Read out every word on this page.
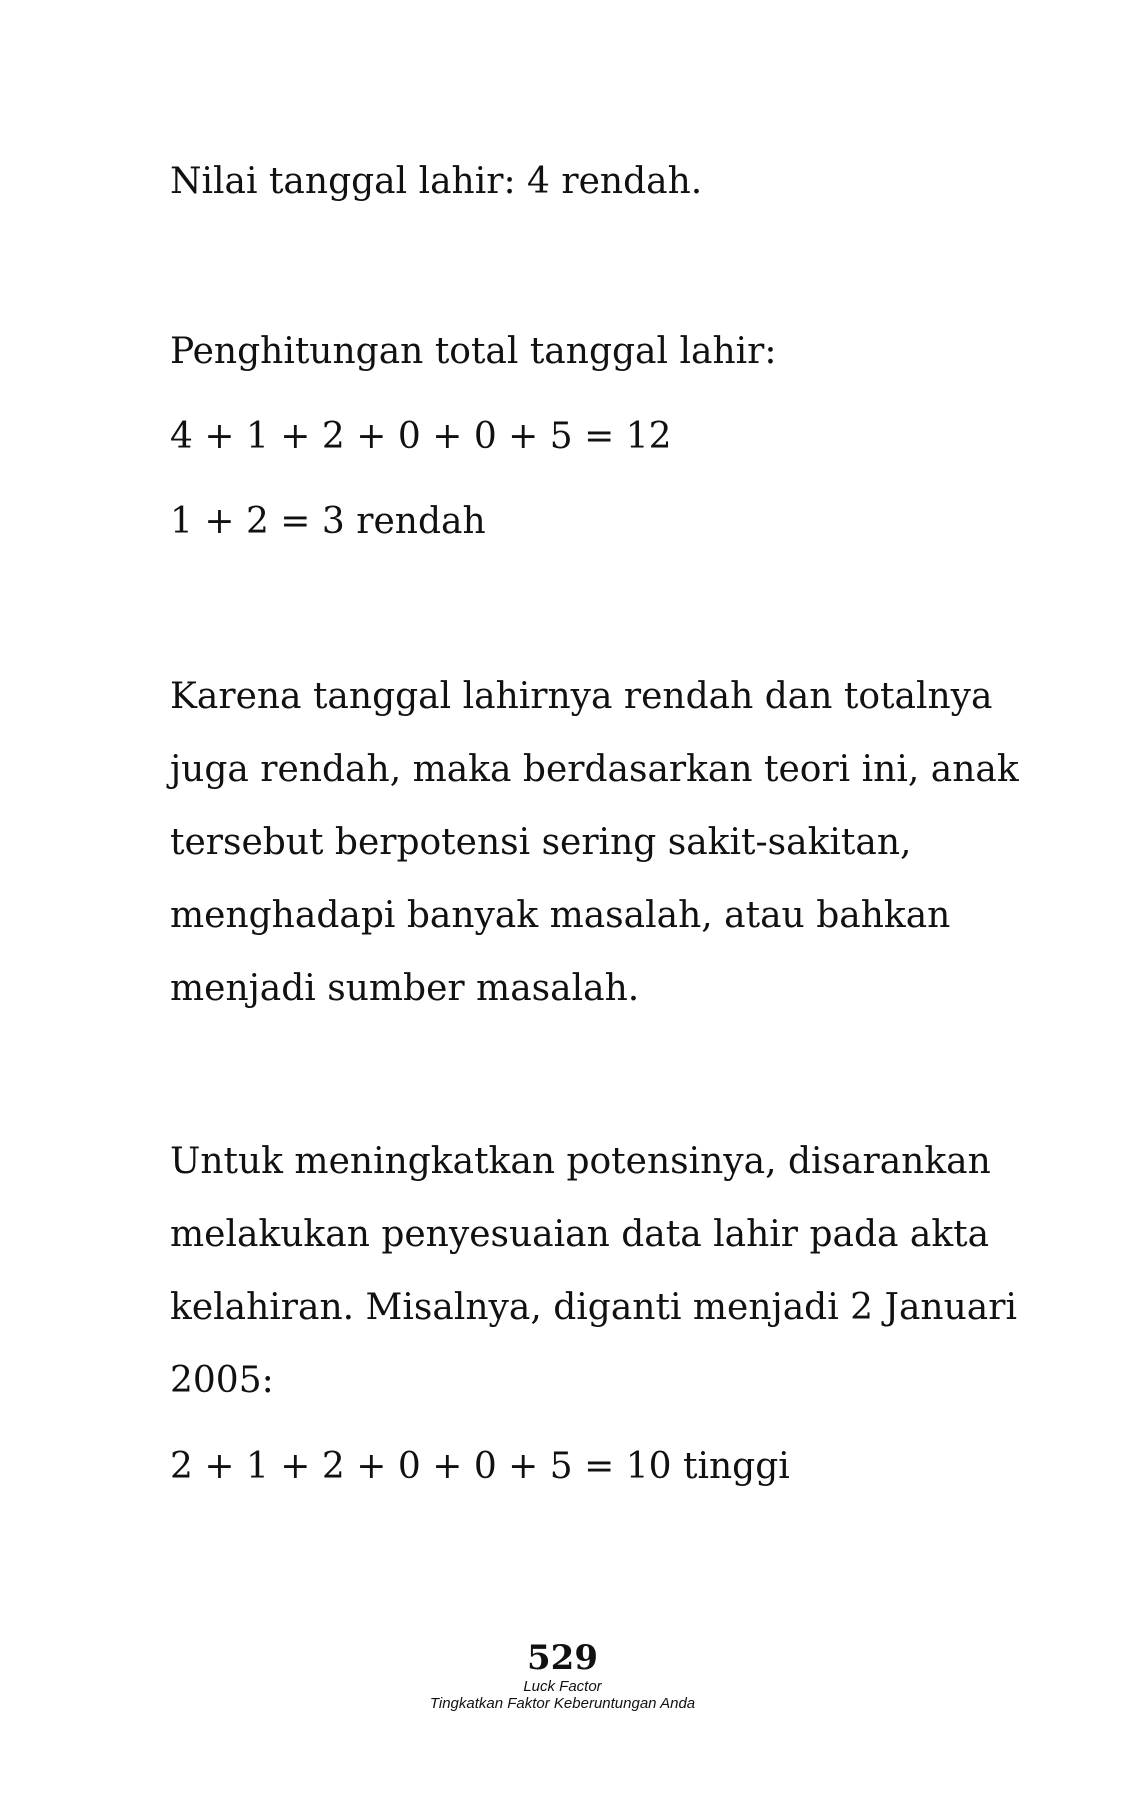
Nilai tanggal lahir: 4 rendah.
Penghitungan total tanggal lahir:
4 + 1 + 2 + 0 + 0 + 5 = 12
1 + 2 = 3 rendah
Karena tanggal lahirnya rendah dan totalnya
juga rendah, maka berdasarkan teori ini, anak
tersebut berpotensi sering sakit-sakitan,
menghadapi banyak masalah, atau bahkan
menjadi sumber masalah.
Untuk meningkatkan potensinya, disarankan
melakukan penyesuaian data lahir pada akta
kelahiran. Misalnya, diganti menjadi 2 Januari
2005:
2 + 1 + 2 + 0 + 0 + 5 = 10 tinggi
529
Luck Factor
Tingkatkan Faktor Keberuntungan Anda
